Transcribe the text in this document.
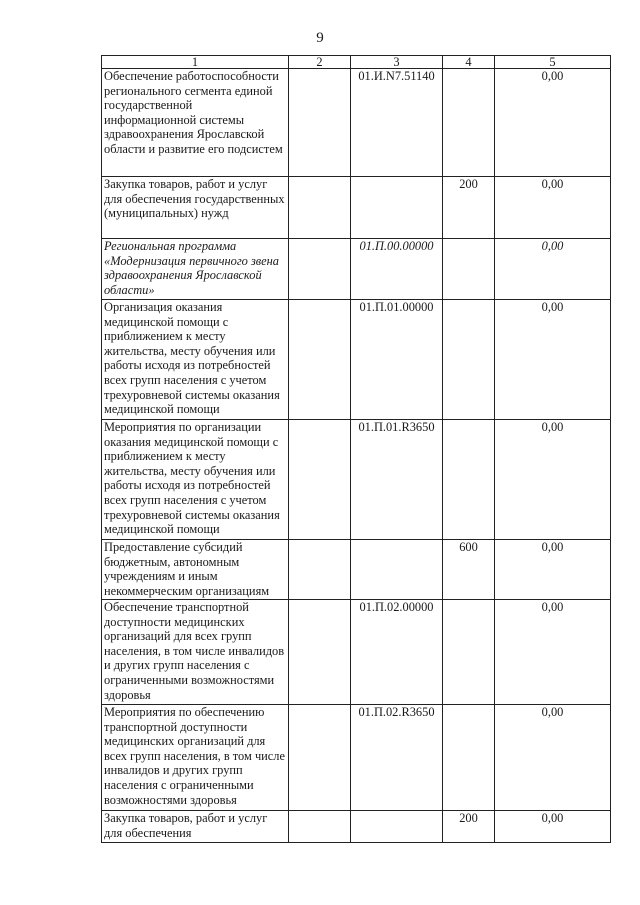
9
1	2	3	4	5
Обеспечение работоспособности регионального сегмента единой государственной информационной системы здравоохранения Ярославской области и развитие его подсистем		01.И.N7.51140		0,00
Закупка товаров, работ и услуг для обеспечения государственных (муниципальных) нужд			200	0,00
Региональная программа «Модернизация первичного звена здравоохранения Ярославской области»		01.П.00.00000		0,00
Организация оказания медицинской помощи с приближением к месту жительства, месту обучения или работы исходя из потребностей всех групп населения с учетом трехуровневой системы оказания медицинской помощи		01.П.01.00000		0,00
Мероприятия по организации оказания медицинской помощи с приближением к месту жительства, месту обучения или работы исходя из потребностей всех групп населения с учетом трехуровневой системы оказания медицинской помощи		01.П.01.R3650		0,00
Предоставление субсидий бюджетным, автономным учреждениям и иным некоммерческим организациям			600	0,00
Обеспечение транспортной доступности медицинских организаций для всех групп населения, в том числе инвалидов и других групп населения с ограниченными возможностями здоровья		01.П.02.00000		0,00
Мероприятия по обеспечению транспортной доступности медицинских организаций для всех групп населения, в том числе инвалидов и других групп населения с ограниченными возможностями здоровья		01.П.02.R3650		0,00
Закупка товаров, работ и услуг для обеспечения			200	0,00
